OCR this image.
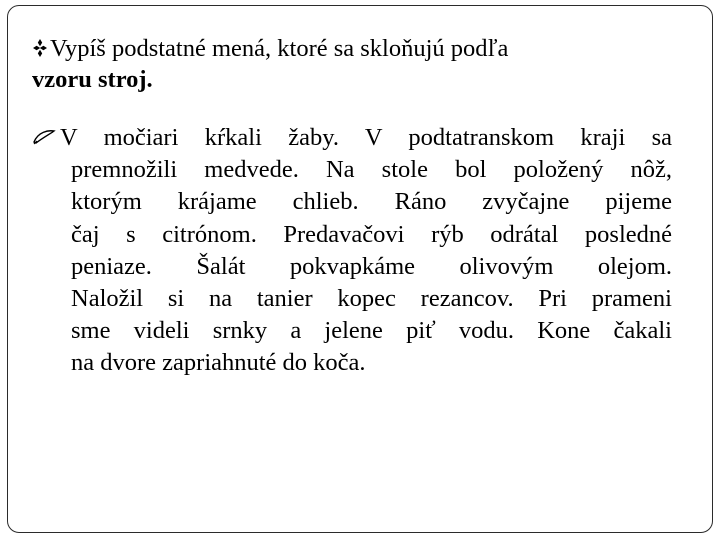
Vypíš podstatné mená, ktoré sa skloňujú podľa
vzoru stroj.
V močiari kŕkali žaby. V podtatranskom kraji sa
premnožili medvede. Na stole bol položený nôž,
ktorým krájame chlieb. Ráno zvyčajne pijeme
čaj s citrónom. Predavačovi rýb odrátal posledné
peniaze. Šalát pokvapkáme olivovým olejom.
Naložil si na tanier kopec rezancov. Pri prameni
sme videli srnky a jelene piť vodu. Kone čakali
na dvore zapriahnuté do koča.
